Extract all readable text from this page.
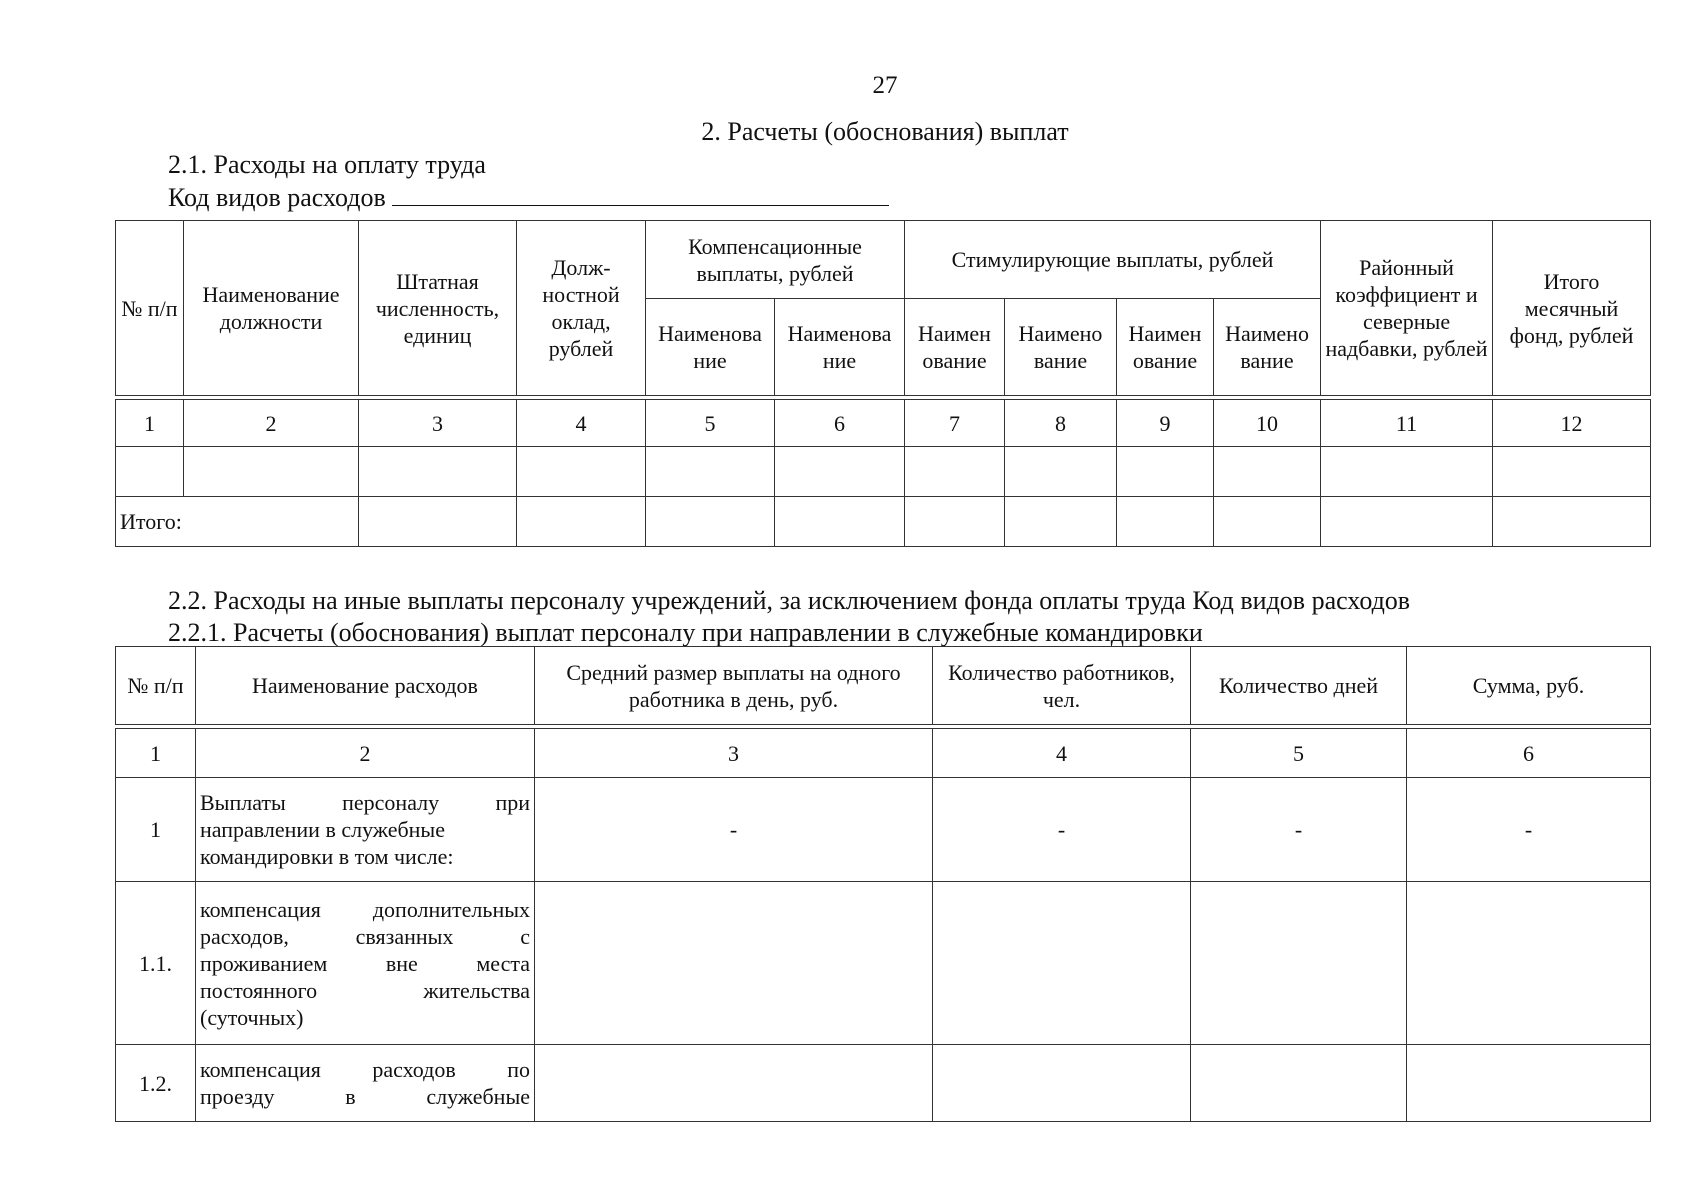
27
2. Расчеты (обоснования) выплат
2.1. Расходы на оплату труда
Код видов расходов
№ п/п	Наименование должности	Штатная численность, единиц	Долж-ностной оклад, рублей	Компенсационные выплаты, рублей		Стимулирующие выплаты, рублей				Районный коэффициент и северные надбавки, рублей	Итого месячный фонд, рублей
				Наименова ние	Наименова ние	Наимен ование	Наимено вание	Наимен ование	Наимено вание		

1	2	3	4	5	6	7	8	9	10	11	12

Итого:											
2.2. Расходы на иные выплаты персоналу учреждений, за исключением фонда оплаты труда Код видов расходов
2.2.1. Расчеты (обоснования) выплат персоналу при направлении в служебные командировки
№ п/п	Наименование расходов	Средний размер выплаты на одного работника в день, руб.	Количество работников, чел.	Количество дней	Сумма, руб.

1	2	3	4	5	6
1	Выплаты персоналу при
направлении в служебные
командировки в том числе:	-	-	-	-
1.1.	компенсация дополнительных
расходов, связанных с
проживанием вне места
постоянного жительства
(суточных)				

1.2.	компенсация расходов по
проезду в служебные				
